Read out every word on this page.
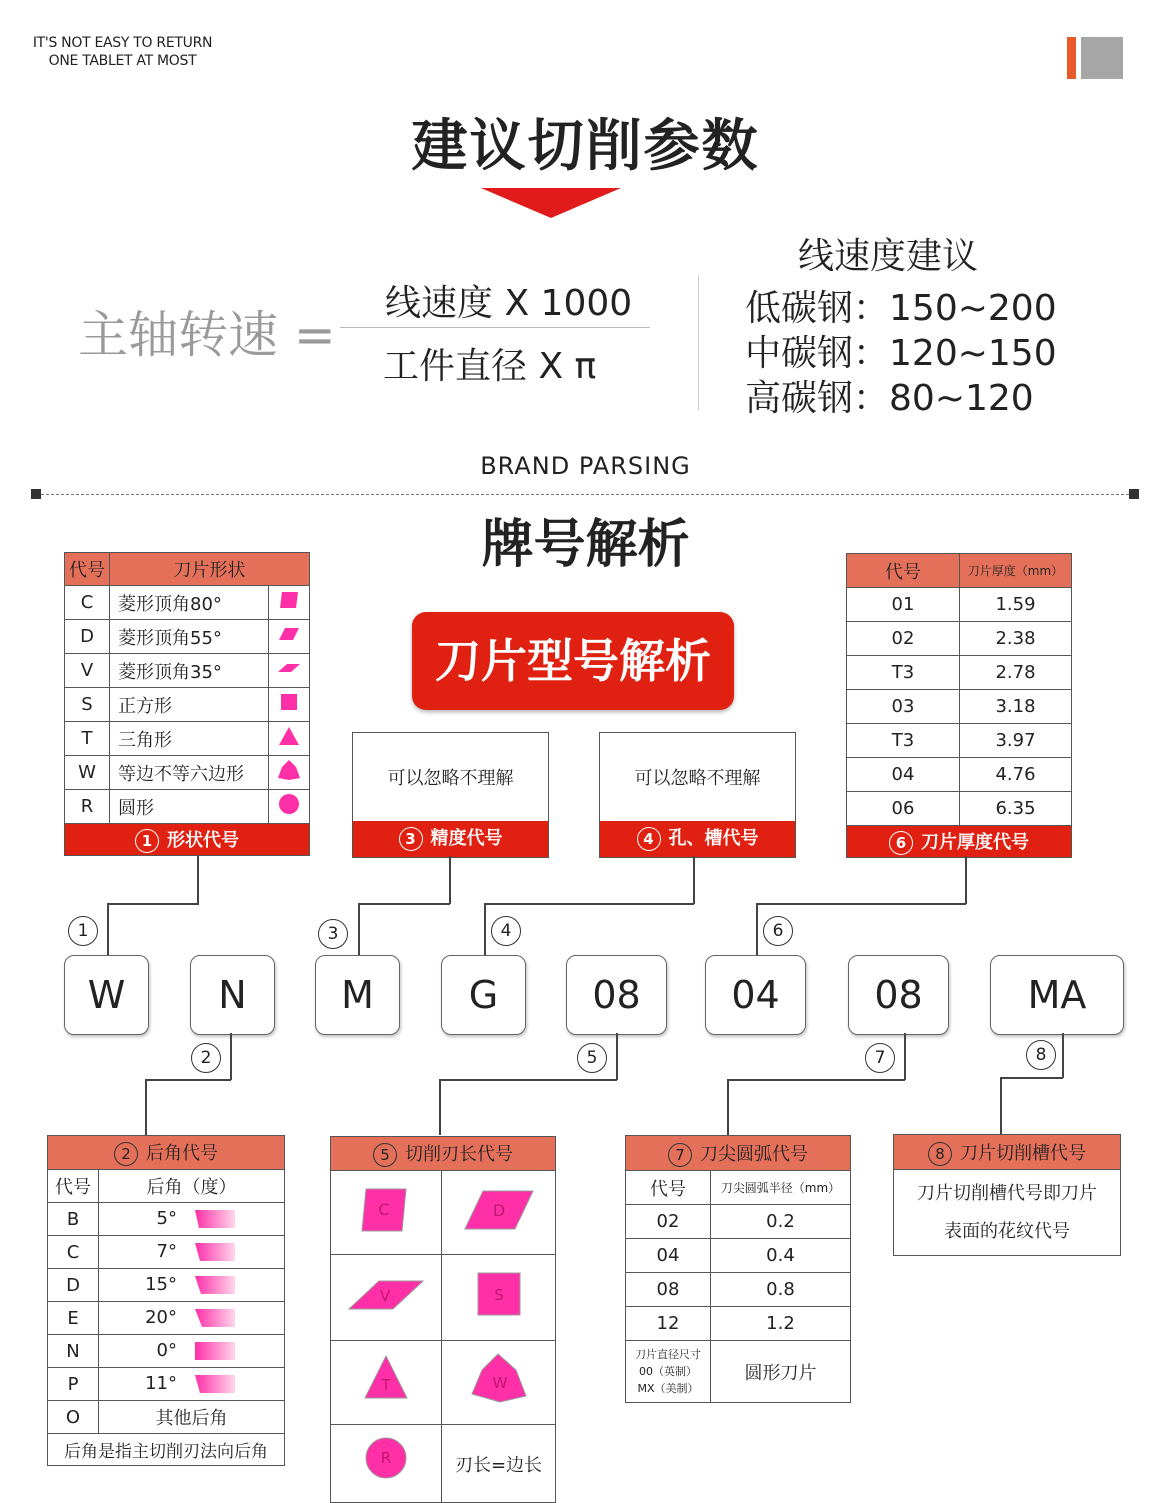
IT'S NOT EASY TO RETURN ONE TABLET AT MOST
建议切削参数
主轴转速 =
线速度 X 1000
工件直径 X π
线速度建议
低碳钢：150~200
中碳钢：120~150
高碳钢：80~120
BRAND PARSING
牌号解析
刀片型号解析
代号	刀片形状	
C	菱形顶角80°	
D	菱形顶角55°	
V	菱形顶角35°	
S	正方形	
T	三角形	
W	等边不等六边形	
R	圆形	
1 形状代号		
可以忽略不理解
3 精度代号
可以忽略不理解
4 孔、槽代号
代号	刀片厚度（mm）
01	1.59
02	2.38
T3	2.78
03	3.18
T3	3.97
04	4.76
06	6.35
6 刀片厚度代号	
1	3	4	6
W	N	M	G	08	04	08	MA
2	5	7	8
2 后角代号	
代号	后角（度）
B	5°
C	7°
D	15°
E	20°
N	0°
P	11°
O	其他后角
后角是指主切削刃法向后角	
5 切削刃长代号	

C	D

V	S

T	W

R	刃长=边长
7 刀尖圆弧代号	
代号	刀尖圆弧半径（mm）
02	0.2
04	0.4
08	0.8
12	1.2

刀片直径尺寸
00（英制）
MX（美制）	圆形刀片
8 刀片切削槽代号

刀片切削槽代号即刀片
表面的花纹代号
